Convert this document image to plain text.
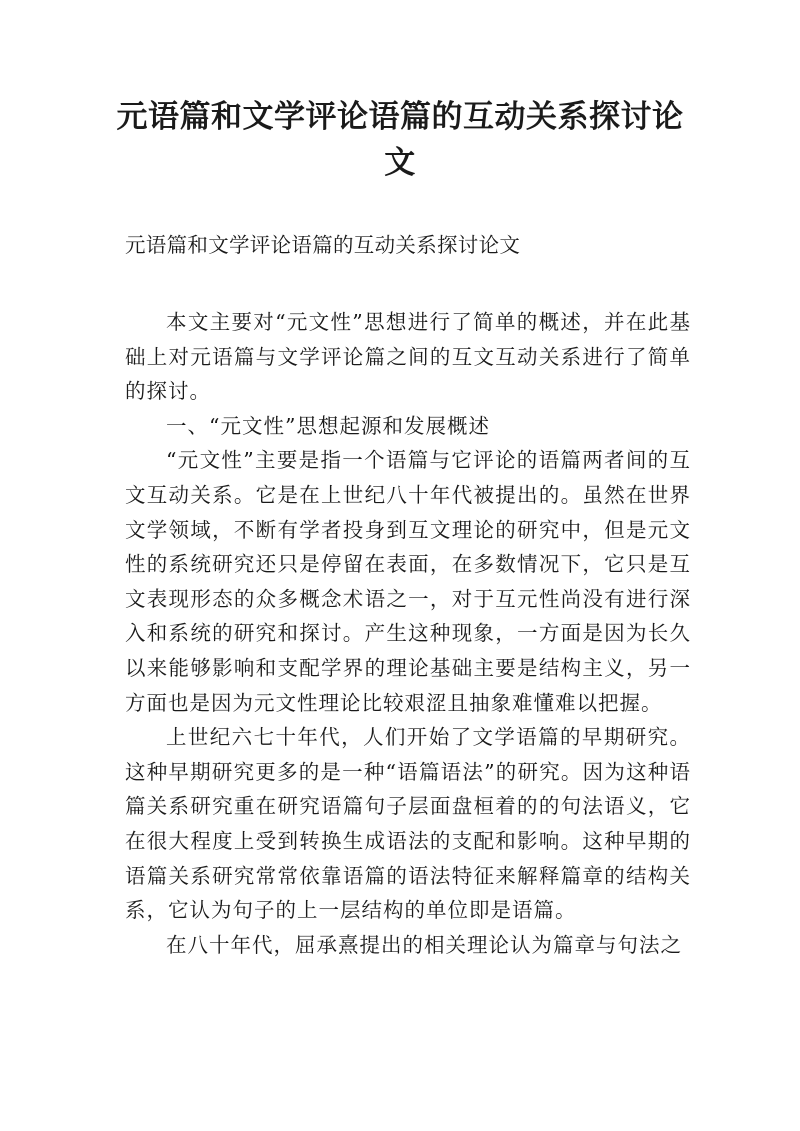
元语篇和文学评论语篇的互动关系探讨论文
元语篇和文学评论语篇的互动关系探讨论文

本文主要对“元文性”思想进行了简单的概述，并在此基础上对元语篇与文学评论篇之间的互文互动关系进行了简单的探讨。

一、“元文性”思想起源和发展概述

“元文性”主要是指一个语篇与它评论的语篇两者间的互文互动关系。它是在上世纪八十年代被提出的。虽然在世界文学领域，不断有学者投身到互文理论的研究中，但是元文性的系统研究还只是停留在表面，在多数情况下，它只是互文表现形态的众多概念术语之一，对于互元性尚没有进行深入和系统的研究和探讨。产生这种现象，一方面是因为长久以来能够影响和支配学界的理论基础主要是结构主义，另一方面也是因为元文性理论比较艰涩且抽象难懂难以把握。

上世纪六七十年代，人们开始了文学语篇的早期研究。这种早期研究更多的是一种“语篇语法”的研究。因为这种语篇关系研究重在研究语篇句子层面盘桓着的的句法语义，它在很大程度上受到转换生成语法的支配和影响。这种早期的语篇关系研究常常依靠语篇的语法特征来解释篇章的结构关系，它认为句子的上一层结构的单位即是语篇。

在八十年代，屈承熹提出的相关理论认为篇章与句法之
